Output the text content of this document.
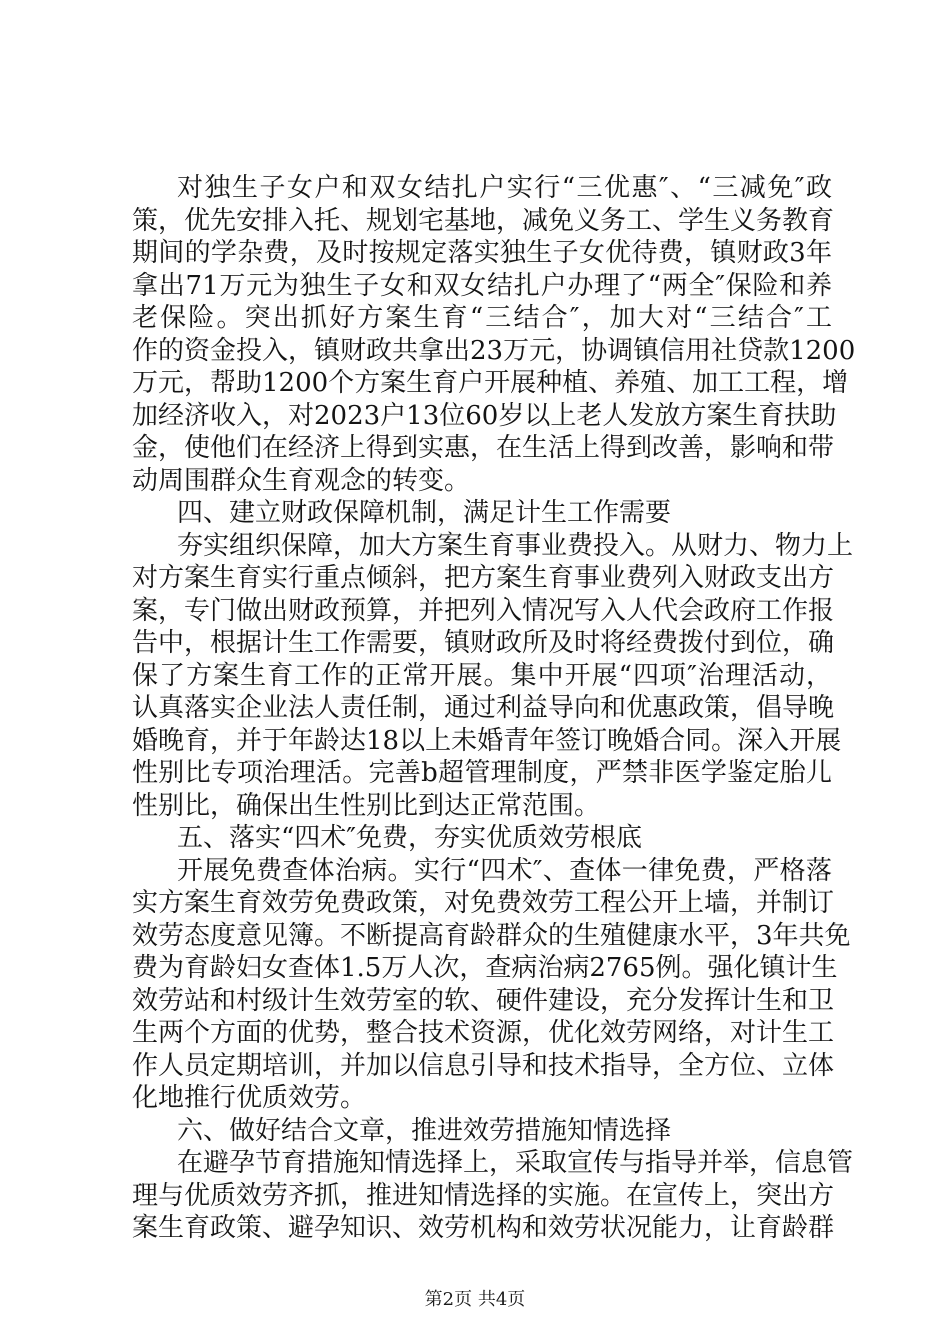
对独生子女户和双女结扎户实行“三优惠″、“三减免″政
策，优先安排入托、规划宅基地，减免义务工、学生义务教育
期间的学杂费，及时按规定落实独生子女优待费，镇财政3年
拿出71万元为独生子女和双女结扎户办理了“两全″保险和养
老保险。突出抓好方案生育“三结合″，加大对“三结合″工
作的资金投入，镇财政共拿出23万元，协调镇信用社贷款1200
万元，帮助1200个方案生育户开展种植、养殖、加工工程，增
加经济收入，对2023户13位60岁以上老人发放方案生育扶助
金，使他们在经济上得到实惠，在生活上得到改善，影响和带
动周围群众生育观念的转变。
四、建立财政保障机制，满足计生工作需要
夯实组织保障，加大方案生育事业费投入。从财力、物力上
对方案生育实行重点倾斜，把方案生育事业费列入财政支出方
案，专门做出财政预算，并把列入情况写入人代会政府工作报
告中，根据计生工作需要，镇财政所及时将经费拨付到位，确
保了方案生育工作的正常开展。集中开展“四项″治理活动，
认真落实企业法人责任制，通过利益导向和优惠政策，倡导晚
婚晚育，并于年龄达18以上未婚青年签订晚婚合同。深入开展
性别比专项治理活。完善b超管理制度，严禁非医学鉴定胎儿
性别比，确保出生性别比到达正常范围。
五、落实“四术″免费，夯实优质效劳根底
开展免费查体治病。实行“四术″、查体一律免费，严格落
实方案生育效劳免费政策，对免费效劳工程公开上墙，并制订
效劳态度意见簿。不断提高育龄群众的生殖健康水平，3年共免
费为育龄妇女查体1.5万人次，查病治病2765例。强化镇计生
效劳站和村级计生效劳室的软、硬件建设，充分发挥计生和卫
生两个方面的优势，整合技术资源，优化效劳网络，对计生工
作人员定期培训，并加以信息引导和技术指导，全方位、立体
化地推行优质效劳。
六、做好结合文章，推进效劳措施知情选择
在避孕节育措施知情选择上，采取宣传与指导并举，信息管
理与优质效劳齐抓，推进知情选择的实施。在宣传上，突出方
案生育政策、避孕知识、效劳机构和效劳状况能力，让育龄群
第2页 共4页
